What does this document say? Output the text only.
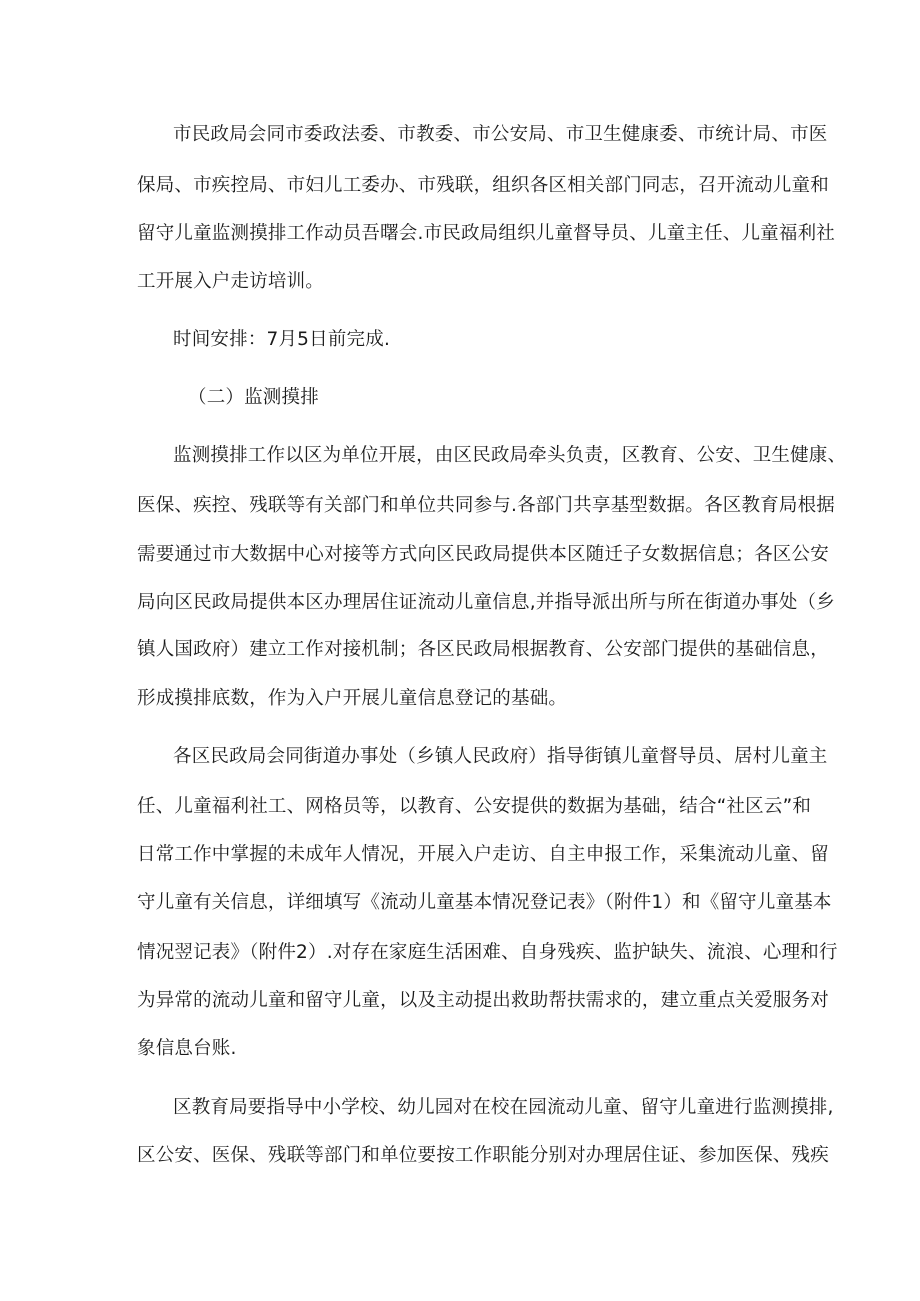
市民政局会同市委政法委、市教委、市公安局、市卫生健康委、市统计局、市医
保局、市疾控局、市妇儿工委办、市残联，组织各区相关部门同志，召开流动儿童和
留守儿童监测摸排工作动员吾曙会.市民政局组织儿童督导员、儿童主任、儿童福利社
工开展入户走访培训。
时间安排：7月5日前完成.
（二）监测摸排
监测摸排工作以区为单位开展，由区民政局牵头负责，区教育、公安、卫生健康、
医保、疾控、残联等有关部门和单位共同参与.各部门共享基型数据。各区教育局根据
需要通过市大数据中心对接等方式向区民政局提供本区随迁子女数据信息；各区公安
局向区民政局提供本区办理居住证流动儿童信息,并指导派出所与所在街道办事处（乡
镇人国政府）建立工作对接机制；各区民政局根据教育、公安部门提供的基础信息，
形成摸排底数，作为入户开展儿童信息登记的基础。
各区民政局会同街道办事处（乡镇人民政府）指导街镇儿童督导员、居村儿童主
任、儿童福利社工、网格员等，以教育、公安提供的数据为基础，结合“社区云”和
日常工作中掌握的未成年人情况，开展入户走访、自主申报工作，采集流动儿童、留
守儿童有关信息，详细填写《流动儿童基本情况登记表》（附件1）和《留守儿童基本
情况翌记表》（附件2）.对存在家庭生活困难、自身残疾、监护缺失、流浪、心理和行
为异常的流动儿童和留守儿童，以及主动提出救助帮扶需求的，建立重点关爱服务对
象信息台账.
区教育局要指导中小学校、幼儿园对在校在园流动儿童、留守儿童进行监测摸排,
区公安、医保、残联等部门和单位要按工作职能分别对办理居住证、参加医保、残疾
